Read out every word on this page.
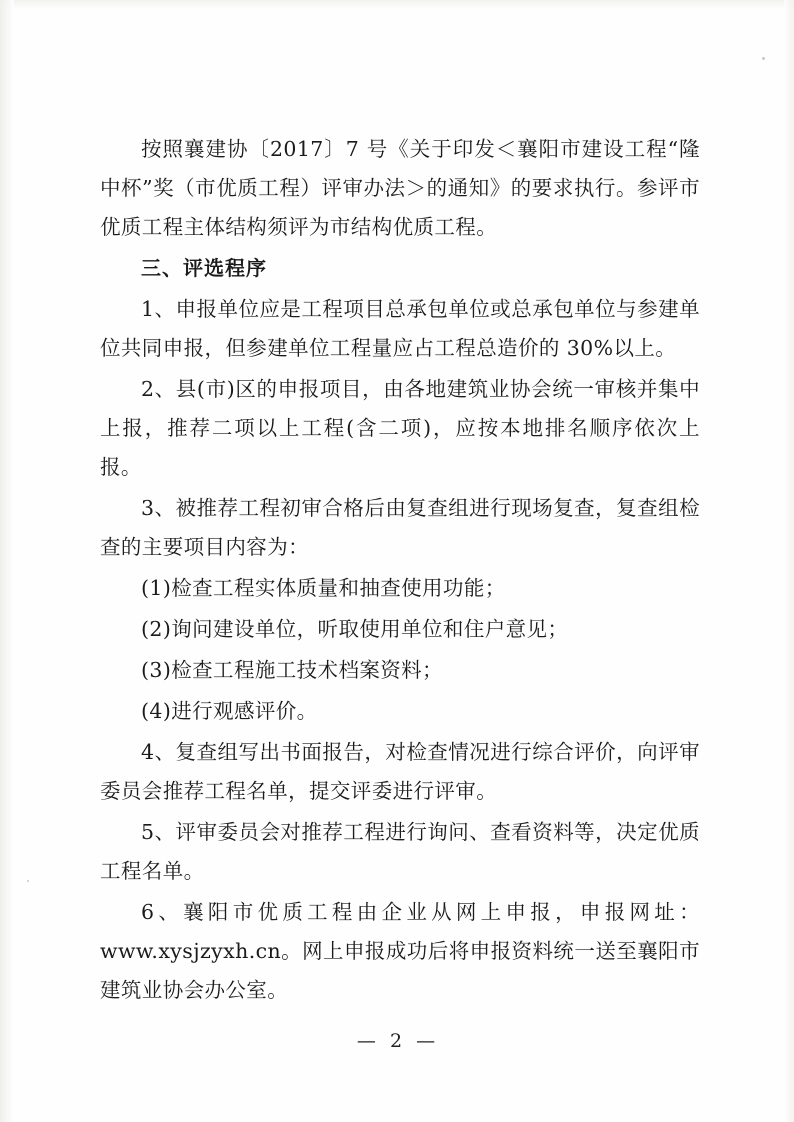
按照襄建协〔2017〕7 号《关于印发＜襄阳市建设工程“隆中杯”奖（市优质工程）评审办法＞的通知》的要求执行。参评市优质工程主体结构须评为市结构优质工程。

三、评选程序

1、申报单位应是工程项目总承包单位或总承包单位与参建单位共同申报，但参建单位工程量应占工程总造价的 30%以上。

2、县(市)区的申报项目，由各地建筑业协会统一审核并集中上报，推荐二项以上工程(含二项)，应按本地排名顺序依次上报。

3、被推荐工程初审合格后由复查组进行现场复查，复查组检查的主要项目内容为：

(1)检查工程实体质量和抽查使用功能；

(2)询问建设单位，听取使用单位和住户意见；

(3)检查工程施工技术档案资料；

(4)进行观感评价。

4、复查组写出书面报告，对检查情况进行综合评价，向评审委员会推荐工程名单，提交评委进行评审。

5、评审委员会对推荐工程进行询问、查看资料等，决定优质工程名单。

6、襄阳市优质工程由企业从网上申报，申报网址：www.xysjzyxh.cn。网上申报成功后将申报资料统一送至襄阳市建筑业协会办公室。

— 2 —
